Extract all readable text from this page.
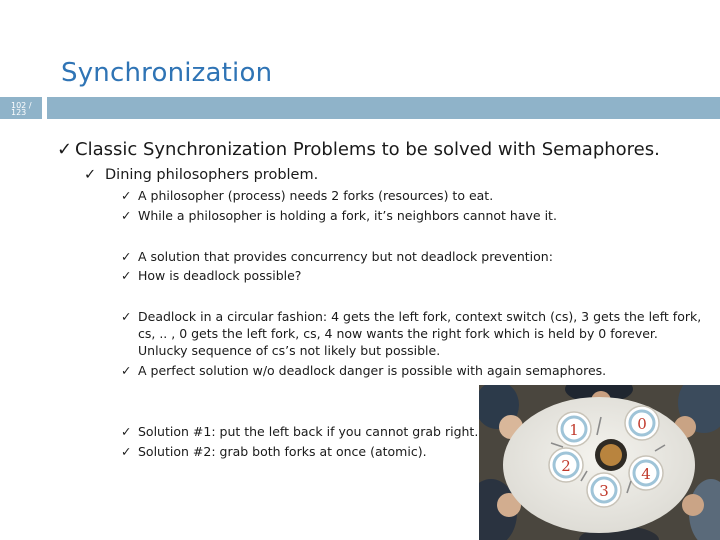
Synchronization
102 /
123
✓ Classic Synchronization Problems to be solved with Semaphores.
✓ Dining philosophers problem.
✓ A philosopher (process) needs 2 forks (resources) to eat.
✓ While a philosopher is holding a fork, it’s neighbors cannot have it.
✓ A solution that provides concurrency but not deadlock prevention:
✓ How is deadlock possible?
✓ Deadlock in a circular fashion: 4 gets the left fork, context switch (cs), 3 gets the left fork,
cs, .. , 0 gets the left fork, cs, 4 now wants the right fork which is held by 0 forever.
Unlucky sequence of cs’s not likely but possible.
✓ A perfect solution w/o deadlock danger is possible with again semaphores.
✓ Solution #1: put the left back if you cannot grab right.
✓ Solution #2: grab both forks at once (atomic).
1	0
2
3
4
